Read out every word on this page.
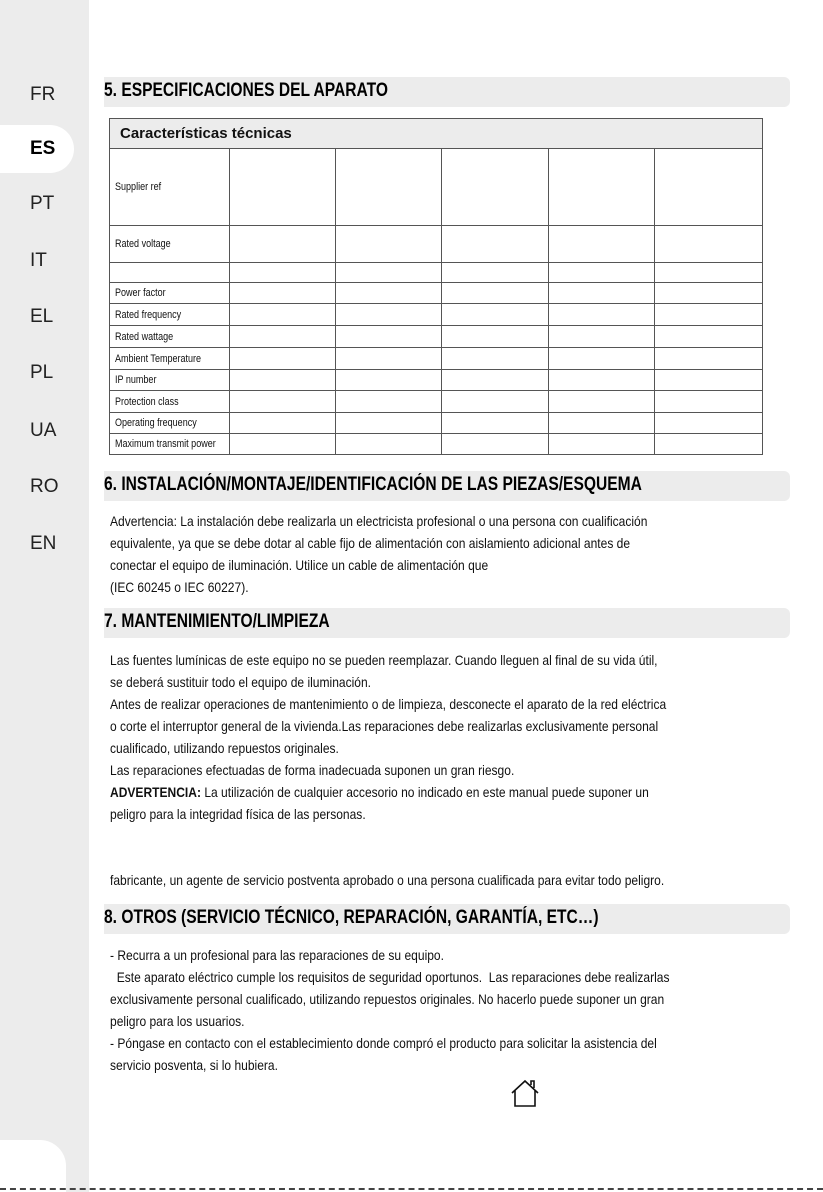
FR
ES
PT
IT
EL
PL
UA
RO
EN
5. ESPECIFICACIONES DEL APARATO
Características técnicas					
Supplier ref					
Rated voltage					

Power factor					
Rated frequency					
Rated wattage					
Ambient Temperature					
IP number					
Protection class					
Operating frequency					
Maximum transmit power					
6. INSTALACIÓN/MONTAJE/IDENTIFICACIÓN DE LAS PIEZAS/ESQUEMA

Advertencia: La instalación debe realizarla un electricista profesional o una persona con cualificación

equivalente, ya que se debe dotar al cable fijo de alimentación con aislamiento adicional antes de

conectar el equipo de iluminación. Utilice un cable de alimentación que

(IEC 60245 o IEC 60227).

7. MANTENIMIENTO/LIMPIEZA

Las fuentes lumínicas de este equipo no se pueden reemplazar. Cuando lleguen al final de su vida útil,

se deberá sustituir todo el equipo de iluminación.

Antes de realizar operaciones de mantenimiento o de limpieza, desconecte el aparato de la red eléctrica

o corte el interruptor general de la vivienda.Las reparaciones debe realizarlas exclusivamente personal

cualificado, utilizando repuestos originales.

Las reparaciones efectuadas de forma inadecuada suponen un gran riesgo.

ADVERTENCIA: La utilización de cualquier accesorio no indicado en este manual puede suponer un

peligro para la integridad física de las personas.

fabricante, un agente de servicio postventa aprobado o una persona cualificada para evitar todo peligro.

8. OTROS (SERVICIO TÉCNICO, REPARACIÓN, GARANTÍA, ETC…)

- Recurra a un profesional para las reparaciones de su equipo.

Este aparato eléctrico cumple los requisitos de seguridad oportunos.  Las reparaciones debe realizarlas

exclusivamente personal cualificado, utilizando repuestos originales. No hacerlo puede suponer un gran

peligro para los usuarios.

- Póngase en contacto con el establecimiento donde compró el producto para solicitar la asistencia del

servicio posventa, si lo hubiera.
